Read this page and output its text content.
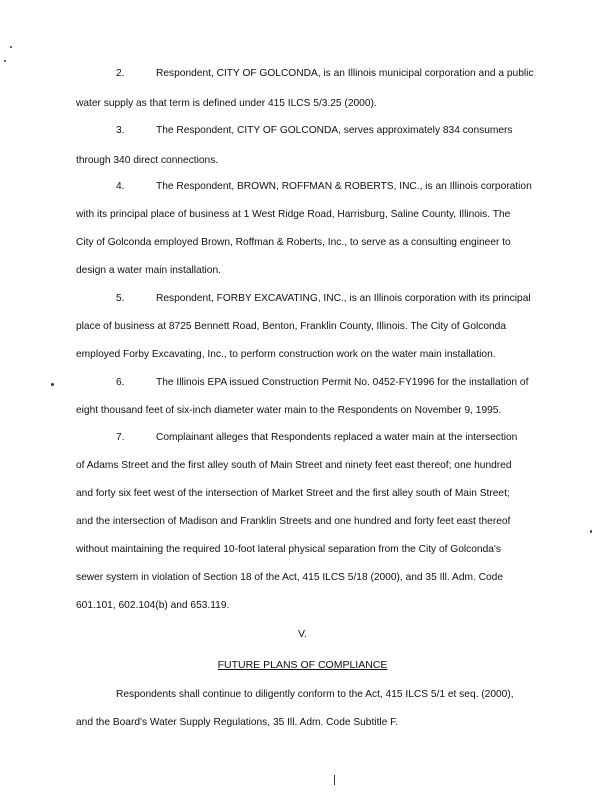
2.	Respondent, CITY OF GOLCONDA, is an Illinois municipal corporation and a public
water supply as that term is defined under 415 ILCS 5/3.25 (2000).
3.	The Respondent, CITY OF GOLCONDA, serves approximately 834 consumers
through 340 direct connections.
4.	The Respondent, BROWN, ROFFMAN & ROBERTS, INC., is an Illinois corporation
with its principal place of business at 1 West Ridge Road, Harrisburg, Saline County, Illinois. The
City of Golconda employed Brown, Roffman & Roberts, Inc., to serve as a consulting engineer to
design a water main installation.
5.	Respondent, FORBY EXCAVATING, INC., is an Illinois corporation with its principal
place of business at 8725 Bennett Road, Benton, Franklin County, Illinois. The City of Golconda
employed Forby Excavating, Inc., to perform construction work on the water main installation.
6.	The Illinois EPA issued Construction Permit No. 0452-FY1996 for the installation of
eight thousand feet of six-inch diameter water main to the Respondents on November 9, 1995.
7.	Complainant alleges that Respondents replaced a water main at the intersection
of Adams Street and the first alley south of Main Street and ninety feet east thereof; one hundred
and forty six feet west of the intersection of Market Street and the first alley south of Main Street;
and the intersection of Madison and Franklin Streets and one hundred and forty feet east thereof
without maintaining the required 10-foot lateral physical separation from the City of Golconda's
sewer system in violation of Section 18 of the Act, 415 ILCS 5/18 (2000), and 35 Ill. Adm. Code
601.101, 602.104(b) and 653.119.
V.
FUTURE PLANS OF COMPLIANCE
Respondents shall continue to diligently conform to the Act, 415 ILCS 5/1 et seq. (2000),
and the Board's Water Supply Regulations, 35 Ill. Adm. Code Subtitle F.
